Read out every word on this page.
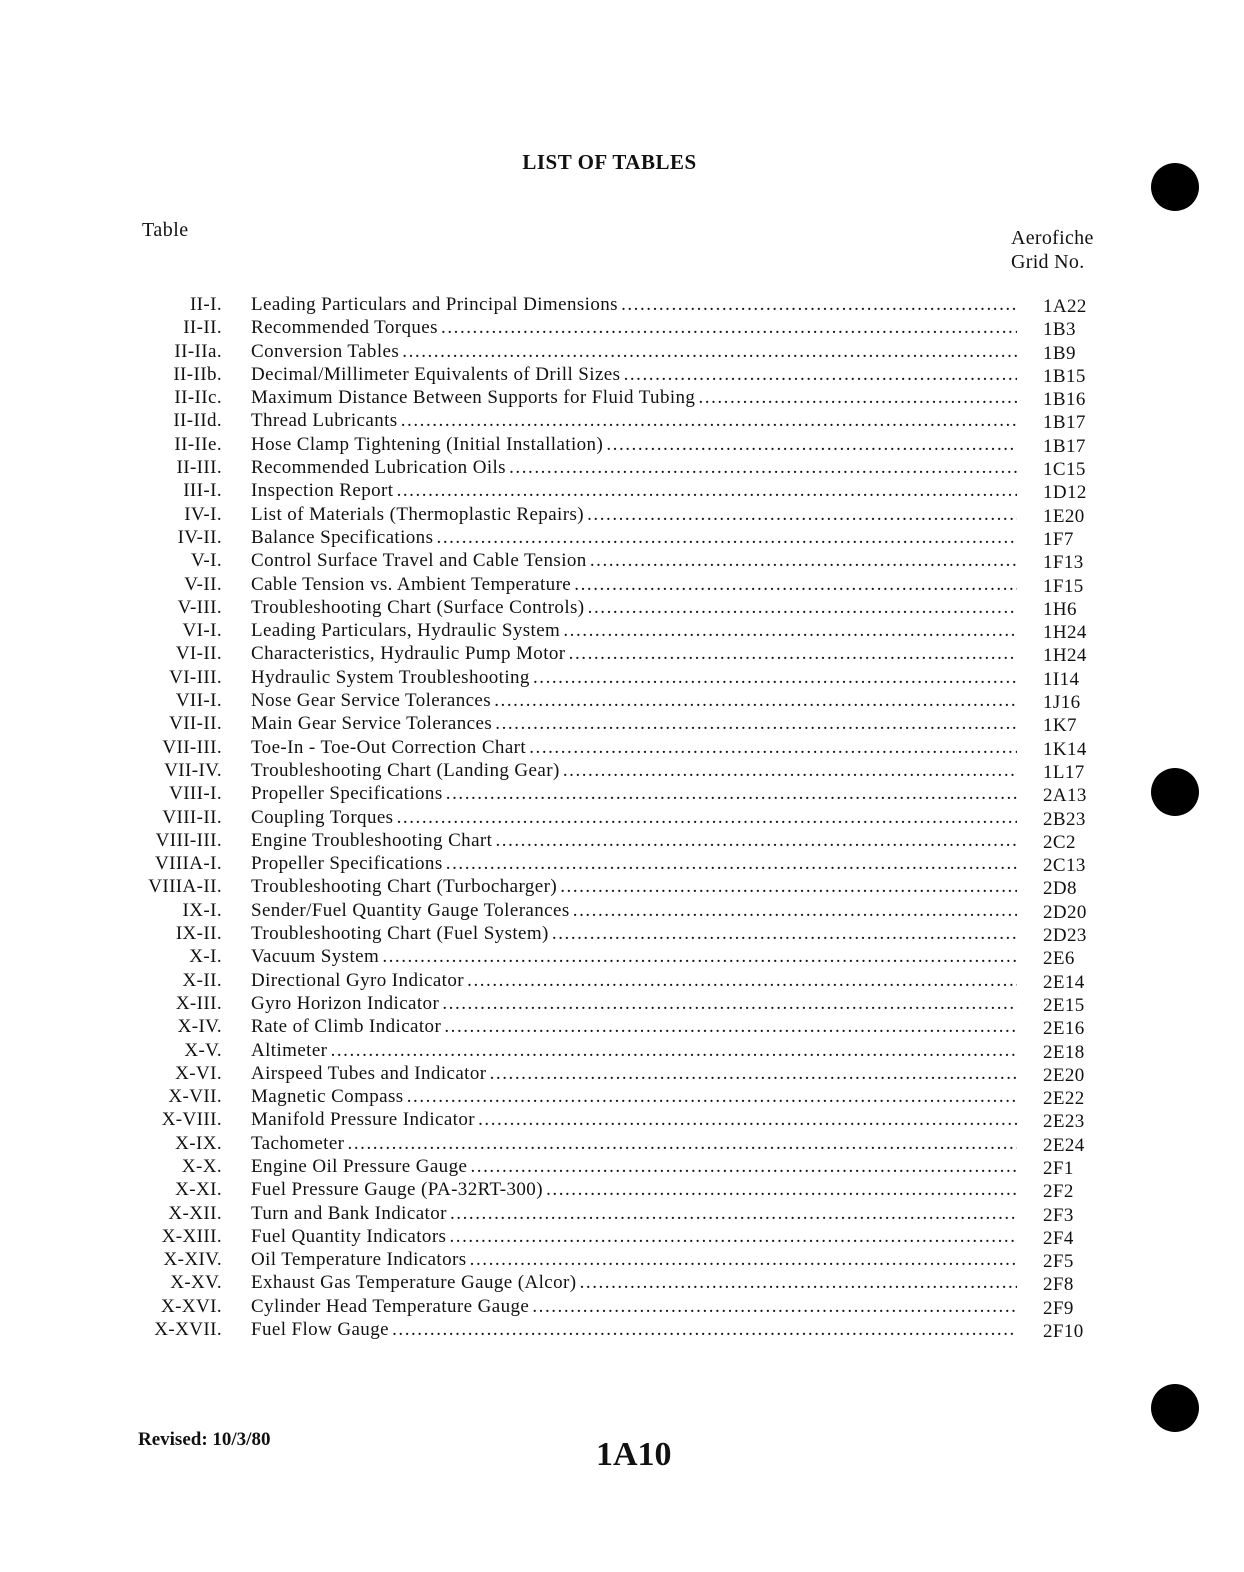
LIST OF TABLES
Table	Aerofiche
Grid No.
II-I. Leading Particulars and Principal Dimensions . . .	1A22
II-II. Recommended Torques . . .	1B3
II-IIa. Conversion Tables . . .	1B9
II-IIb. Decimal/Millimeter Equivalents of Drill Sizes . . .	1B15
II-IIc. Maximum Distance Between Supports for Fluid Tubing . . .	1B16
II-IId. Thread Lubricants . . .	1B17
II-IIe. Hose Clamp Tightening (Initial Installation) . . .	1B17
II-III. Recommended Lubrication Oils . . .	1C15
III-I. Inspection Report . . .	1D12
IV-I. List of Materials (Thermoplastic Repairs) . . .	1E20
IV-II. Balance Specifications . . .	1F7
V-I. Control Surface Travel and Cable Tension . . .	1F13
V-II. Cable Tension vs. Ambient Temperature . . .	1F15
V-III. Troubleshooting Chart (Surface Controls) . . .	1H6
VI-I. Leading Particulars, Hydraulic System . . .	1H24
VI-II. Characteristics, Hydraulic Pump Motor . . .	1H24
VI-III. Hydraulic System Troubleshooting . . .	1I14
VII-I. Nose Gear Service Tolerances . . .	1J16
VII-II. Main Gear Service Tolerances . . .	1K7
VII-III. Toe-In - Toe-Out Correction Chart . . .	1K14
VII-IV. Troubleshooting Chart (Landing Gear) . . .	1L17
VIII-I. Propeller Specifications . . .	2A13
VIII-II. Coupling Torques . . .	2B23
VIII-III. Engine Troubleshooting Chart . . .	2C2
VIIIA-I. Propeller Specifications . . .	2C13
VIIIA-II. Troubleshooting Chart (Turbocharger) . . .	2D8
IX-I. Sender/Fuel Quantity Gauge Tolerances . . .	2D20
IX-II. Troubleshooting Chart (Fuel System) . . .	2D23
X-I. Vacuum System . . .	2E6
X-II. Directional Gyro Indicator . . .	2E14
X-III. Gyro Horizon Indicator . . .	2E15
X-IV. Rate of Climb Indicator . . .	2E16
X-V. Altimeter . . .	2E18
X-VI. Airspeed Tubes and Indicator . . .	2E20
X-VII. Magnetic Compass . . .	2E22
X-VIII. Manifold Pressure Indicator . . .	2E23
X-IX. Tachometer . . .	2E24
X-X. Engine Oil Pressure Gauge . . .	2F1
X-XI. Fuel Pressure Gauge (PA-32RT-300) . . .	2F2
X-XII. Turn and Bank Indicator . . .	2F3
X-XIII. Fuel Quantity Indicators . . .	2F4
X-XIV. Oil Temperature Indicators . . .	2F5
X-XV. Exhaust Gas Temperature Gauge (Alcor) . . .	2F8
X-XVI. Cylinder Head Temperature Gauge . . .	2F9
X-XVII. Fuel Flow Gauge . . .	2F10
Revised: 10/3/80	1A10
